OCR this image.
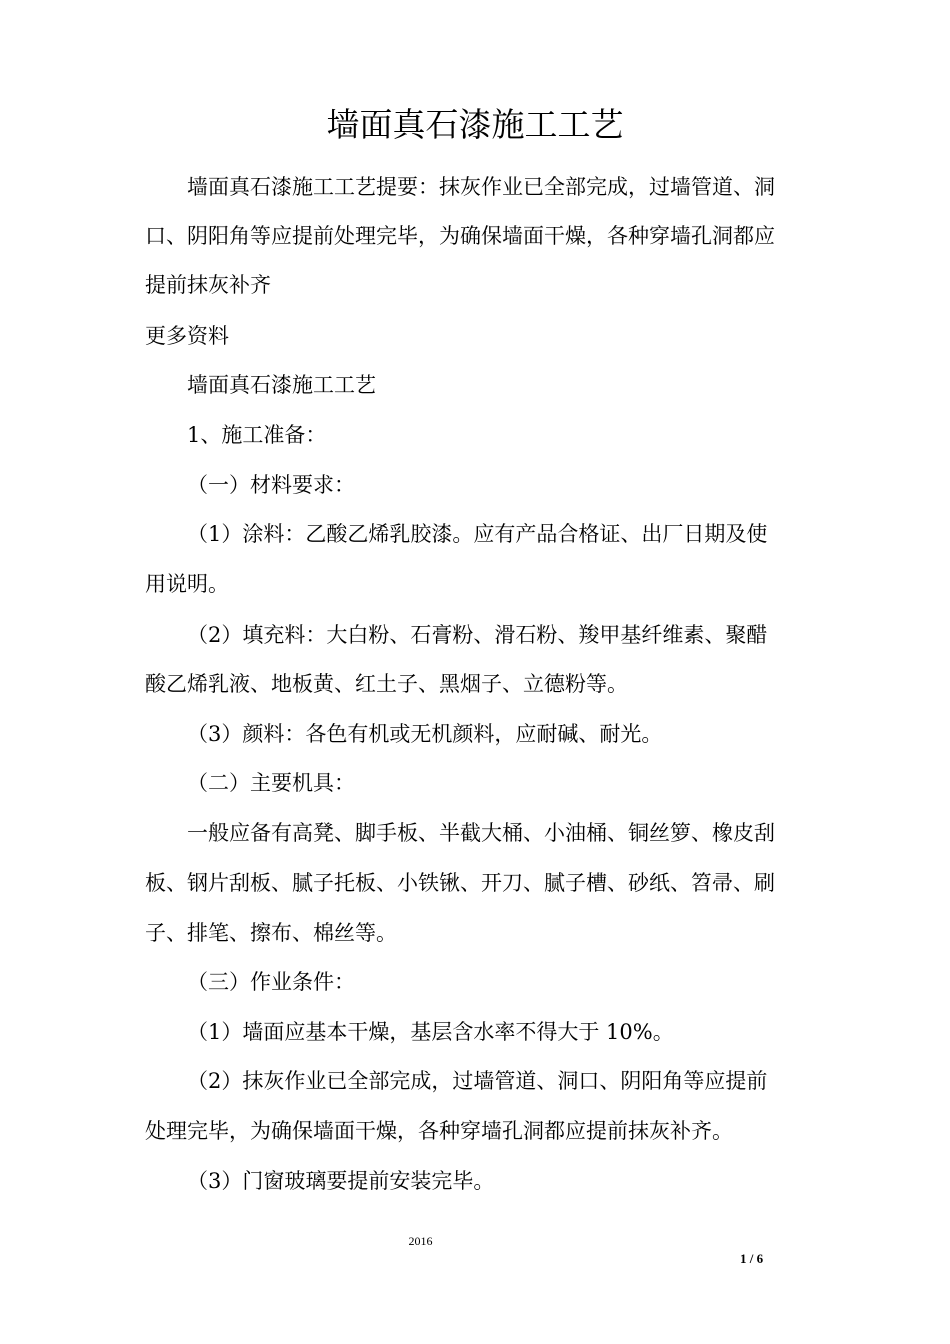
墙面真石漆施工工艺
墙面真石漆施工工艺提要：抹灰作业已全部完成，过墙管道、洞
口、阴阳角等应提前处理完毕，为确保墙面干燥，各种穿墙孔洞都应
提前抹灰补齐
更多资料
墙面真石漆施工工艺
1、施工准备：
（一）材料要求：
（1）涂料：乙酸乙烯乳胶漆。应有产品合格证、出厂日期及使
用说明。
（2）填充料：大白粉、石膏粉、滑石粉、羧甲基纤维素、聚醋
酸乙烯乳液、地板黄、红土子、黑烟子、立德粉等。
（3）颜料：各色有机或无机颜料，应耐碱、耐光。
（二）主要机具：
一般应备有高凳、脚手板、半截大桶、小油桶、铜丝箩、橡皮刮
板、钢片刮板、腻子托板、小铁锹、开刀、腻子槽、砂纸、笤帚、刷
子、排笔、擦布、棉丝等。
（三）作业条件：
（1）墙面应基本干燥，基层含水率不得大于 10%。
（2）抹灰作业已全部完成，过墙管道、洞口、阴阳角等应提前
处理完毕，为确保墙面干燥，各种穿墙孔洞都应提前抹灰补齐。
（3）门窗玻璃要提前安装完毕。
2016
1 / 6
